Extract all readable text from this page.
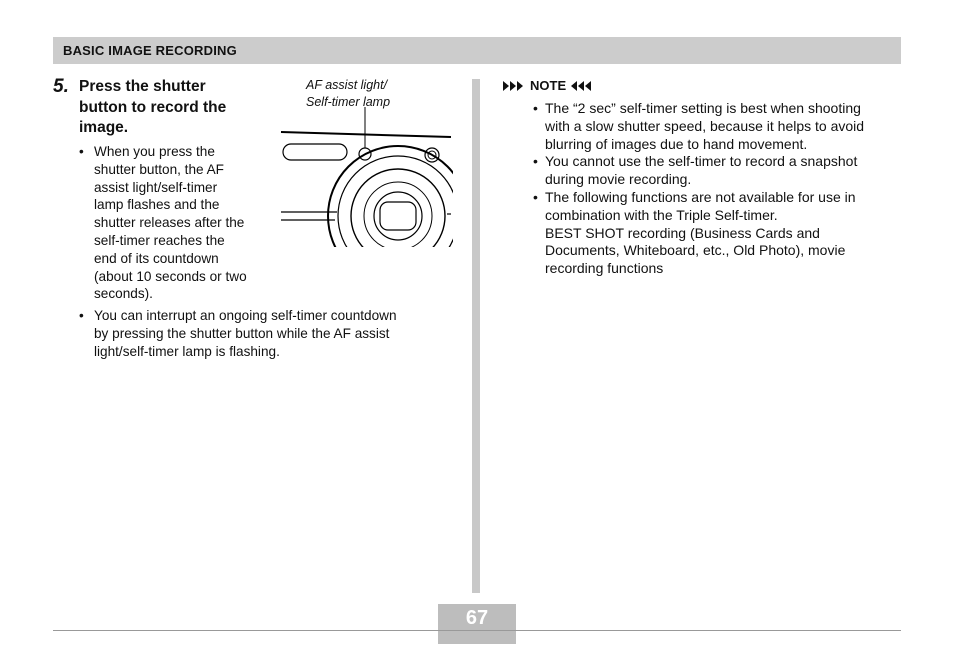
BASIC IMAGE RECORDING
5. Press the shutter
button to record the
image.
AF assist light/
Self-timer lamp
• When you press the
shutter button, the AF
assist light/self-timer
lamp flashes and the
shutter releases after the
self-timer reaches the
end of its countdown
(about 10 seconds or two
seconds).
• You can interrupt an ongoing self-timer countdown
by pressing the shutter button while the AF assist
light/self-timer lamp is flashing.
NOTE
• The “2 sec” self-timer setting is best when shooting
with a slow shutter speed, because it helps to avoid
blurring of images due to hand movement.
• You cannot use the self-timer to record a snapshot
during movie recording.
• The following functions are not available for use in
combination with the Triple Self-timer.
BEST SHOT recording (Business Cards and
Documents, Whiteboard, etc., Old Photo), movie
recording functions
67
